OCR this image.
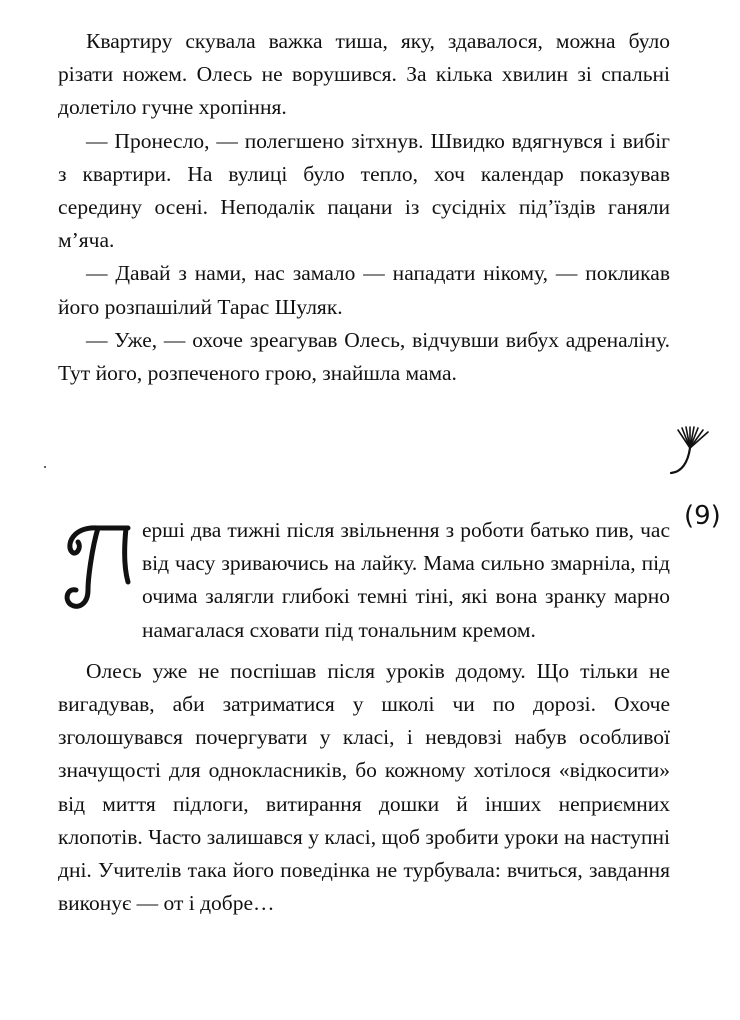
Квартиру скувала важка тиша, яку, здавалося, можна було різати ножем. Олесь не ворушився. За кілька хвилин зі спальні долетіло гучне хропіння.

— Пронесло, — полегшено зітхнув. Швидко вдягнувся і вибіг з квартири. На вулиці було тепло, хоч календар показував середину осені. Неподалік пацани із сусідніх під’їздів ганяли м’яча.

— Давай з нами, нас замало — нападати нікому, — покликав його розпашілий Тарас Шуляк.

— Уже, — охоче зреагував Олесь, відчувши вибух адреналіну. Тут його, розпеченого грою, знайшла мама.

ерші два тижні після звільнення з роботи батько пив, час від часу зриваючись на лайку. Мама сильно змарніла, під очима залягли глибокі темні тіні, які вона зранку марно намагалася сховати під тональним кремом.

Олесь уже не поспішав після уроків додому. Що тільки не вигадував, аби затриматися у школі чи по дорозі. Охоче зголошувався почергувати у класі, і невдовзі набув особливої значущості для однокласників, бо кожному хотілося «відкосити» від миття підлоги, витирання дошки й інших неприємних клопотів. Часто залишався у класі, щоб зробити уроки на наступні дні. Учителів така його поведінка не турбувала: вчиться, завдання виконує — от і добре…

(9)
